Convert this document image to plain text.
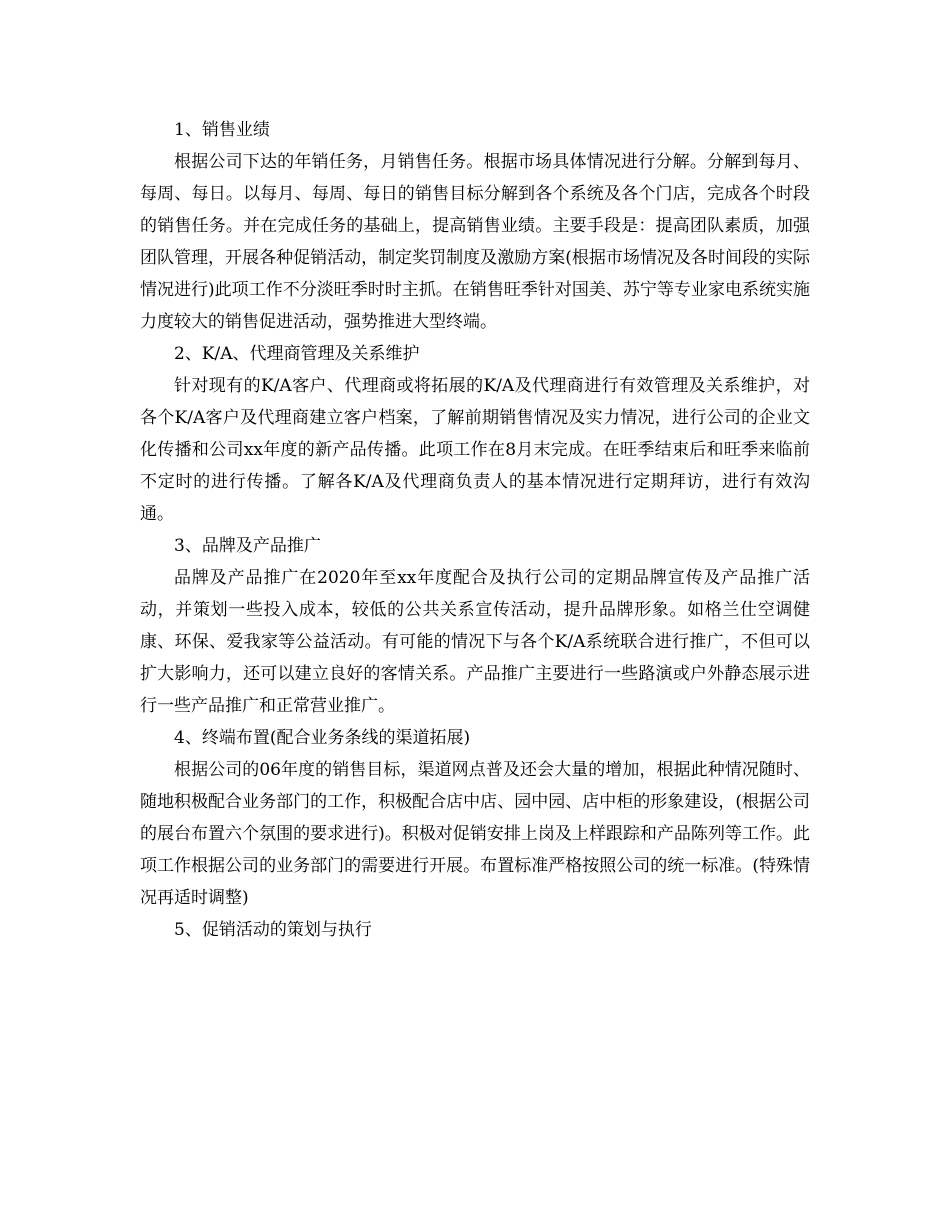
1、销售业绩

根据公司下达的年销任务，月销售任务。根据市场具体情况进行分解。分解到每月、每周、每日。以每月、每周、每日的销售目标分解到各个系统及各个门店，完成各个时段的销售任务。并在完成任务的基础上，提高销售业绩。主要手段是：提高团队素质，加强团队管理，开展各种促销活动，制定奖罚制度及激励方案(根据市场情况及各时间段的实际情况进行)此项工作不分淡旺季时时主抓。在销售旺季针对国美、苏宁等专业家电系统实施力度较大的销售促进活动，强势推进大型终端。

2、K/A、代理商管理及关系维护

针对现有的K/A客户、代理商或将拓展的K/A及代理商进行有效管理及关系维护，对各个K/A客户及代理商建立客户档案，了解前期销售情况及实力情况，进行公司的企业文化传播和公司xx年度的新产品传播。此项工作在8月末完成。在旺季结束后和旺季来临前不定时的进行传播。了解各K/A及代理商负责人的基本情况进行定期拜访，进行有效沟通。

3、品牌及产品推广

品牌及产品推广在2020年至xx年度配合及执行公司的定期品牌宣传及产品推广活动，并策划一些投入成本，较低的公共关系宣传活动，提升品牌形象。如格兰仕空调健康、环保、爱我家等公益活动。有可能的情况下与各个K/A系统联合进行推广，不但可以扩大影响力，还可以建立良好的客情关系。产品推广主要进行一些路演或户外静态展示进行一些产品推广和正常营业推广。

4、终端布置(配合业务条线的渠道拓展)

根据公司的06年度的销售目标，渠道网点普及还会大量的增加，根据此种情况随时、随地积极配合业务部门的工作，积极配合店中店、园中园、店中柜的形象建设，(根据公司的展台布置六个氛围的要求进行)。积极对促销安排上岗及上样跟踪和产品陈列等工作。此项工作根据公司的业务部门的需要进行开展。布置标准严格按照公司的统一标准。(特殊情况再适时调整)

5、促销活动的策划与执行
